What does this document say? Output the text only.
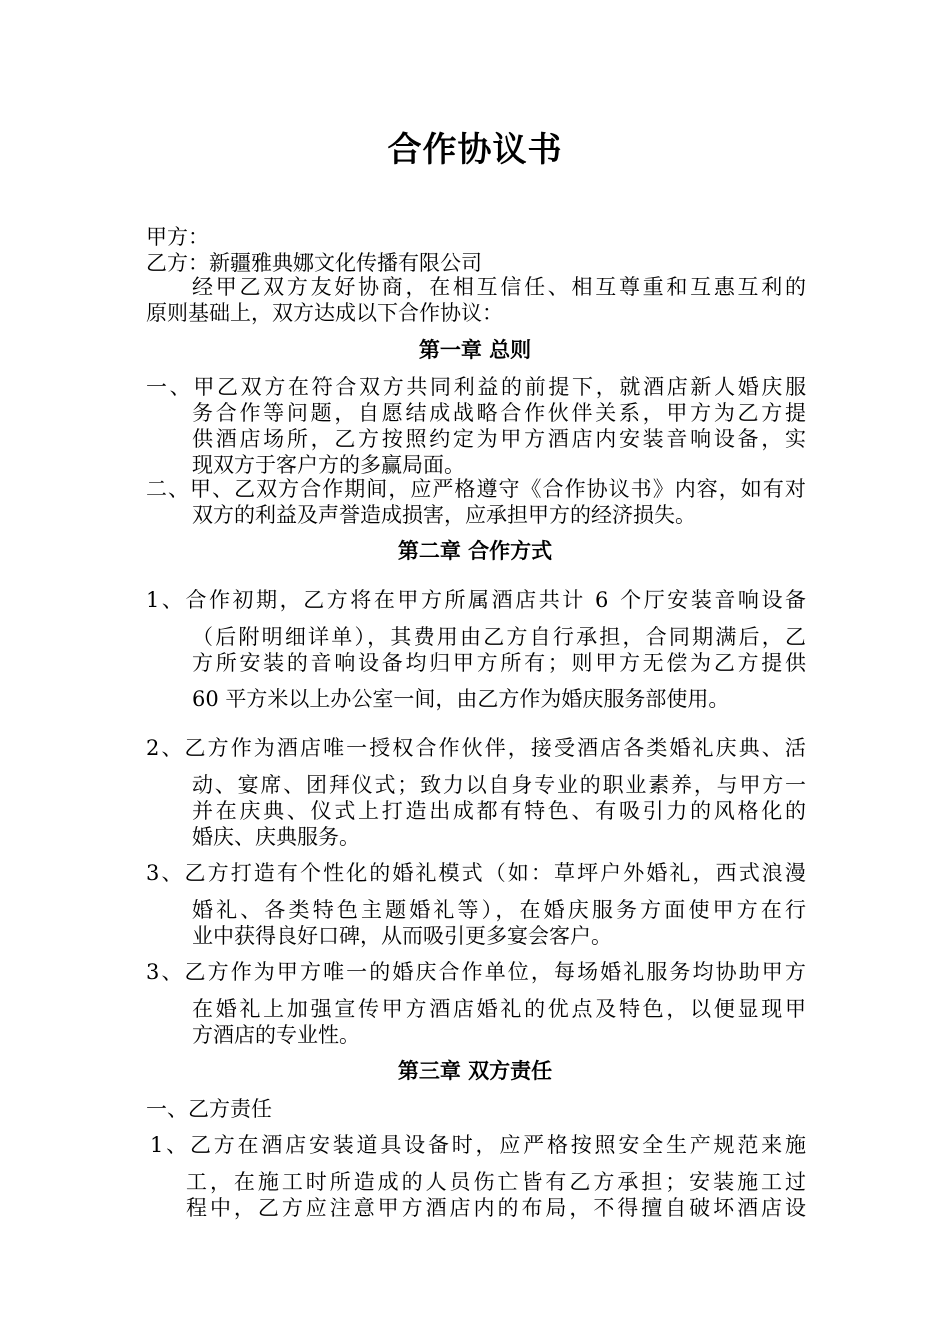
合作协议书
甲方：
乙方：新疆雅典娜文化传播有限公司
经甲乙双方友好协商，在相互信任、相互尊重和互惠互利的
原则基础上，双方达成以下合作协议：
第一章 总则
一、甲乙双方在符合双方共同利益的前提下，就酒店新人婚庆服
务合作等问题，自愿结成战略合作伙伴关系，甲方为乙方提
供酒店场所，乙方按照约定为甲方酒店内安装音响设备，实
现双方于客户方的多赢局面。
二、甲、乙双方合作期间，应严格遵守《合作协议书》内容，如有对
双方的利益及声誉造成损害，应承担甲方的经济损失。
第二章 合作方式
1、合作初期，乙方将在甲方所属酒店共计 6 个厅安装音响设备
（后附明细详单），其费用由乙方自行承担，合同期满后，乙
方所安装的音响设备均归甲方所有；则甲方无偿为乙方提供
60 平方米以上办公室一间，由乙方作为婚庆服务部使用。
2、乙方作为酒店唯一授权合作伙伴，接受酒店各类婚礼庆典、活
动、宴席、团拜仪式；致力以自身专业的职业素养，与甲方一
并在庆典、仪式上打造出成都有特色、有吸引力的风格化的
婚庆、庆典服务。
3、乙方打造有个性化的婚礼模式（如：草坪户外婚礼，西式浪漫
婚礼、各类特色主题婚礼等），在婚庆服务方面使甲方在行
业中获得良好口碑，从而吸引更多宴会客户。
3、乙方作为甲方唯一的婚庆合作单位，每场婚礼服务均协助甲方
在婚礼上加强宣传甲方酒店婚礼的优点及特色，以便显现甲
方酒店的专业性。
第三章 双方责任
一、乙方责任
1、乙方在酒店安装道具设备时，应严格按照安全生产规范来施
工，在施工时所造成的人员伤亡皆有乙方承担；安装施工过
程中，乙方应注意甲方酒店内的布局，不得擅自破坏酒店设
